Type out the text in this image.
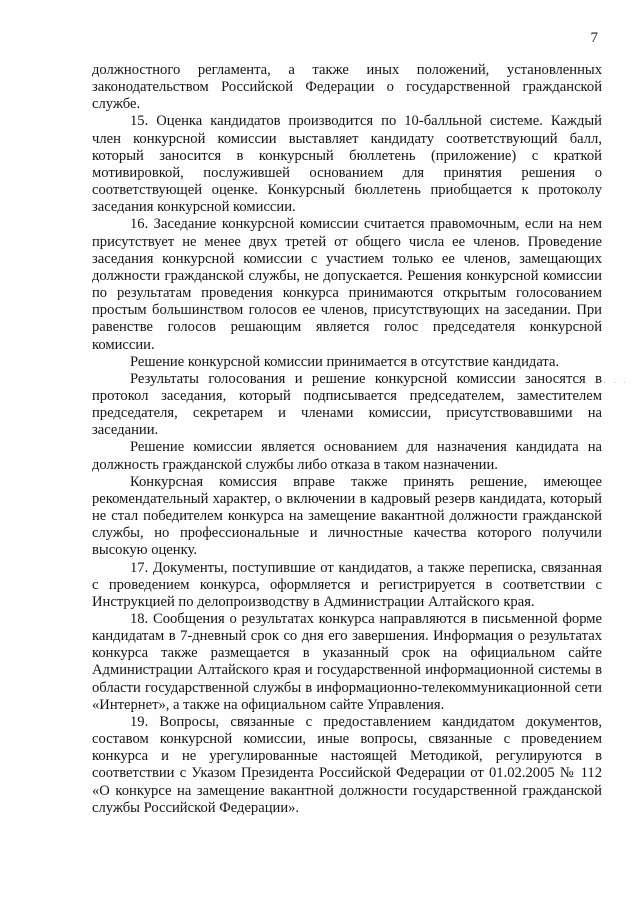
7

должностного регламента, а также иных положений, установленных законодательством Российской Федерации о государственной гражданской службе.

15. Оценка кандидатов производится по 10-балльной системе. Каждый член конкурсной комиссии выставляет кандидату соответствующий балл, который заносится в конкурсный бюллетень (приложение) с краткой мотивировкой, послужившей основанием для принятия решения о соответствующей оценке. Конкурсный бюллетень приобщается к протоколу заседания конкурсной комиссии.

16. Заседание конкурсной комиссии считается правомочным, если на нем присутствует не менее двух третей от общего числа ее членов. Проведение заседания конкурсной комиссии с участием только ее членов, замещающих должности гражданской службы, не допускается. Решения конкурсной комиссии по результатам проведения конкурса принимаются открытым голосованием простым большинством голосов ее членов, присутствующих на заседании. При равенстве голосов решающим является голос председателя конкурсной комиссии.

Решение конкурсной комиссии принимается в отсутствие кандидата.

Результаты голосования и решение конкурсной комиссии заносятся в протокол заседания, который подписывается председателем, заместителем председателя, секретарем и членами комиссии, присутствовавшими на заседании.

Решение комиссии является основанием для назначения кандидата на должность гражданской службы либо отказа в таком назначении.

Конкурсная комиссия вправе также принять решение, имеющее рекомендательный характер, о включении в кадровый резерв кандидата, который не стал победителем конкурса на замещение вакантной должности гражданской службы, но профессиональные и личностные качества которого получили высокую оценку.

17. Документы, поступившие от кандидатов, а также переписка, связанная с проведением конкурса, оформляется и регистрируется в соответствии с Инструкцией по делопроизводству в Администрации Алтайского края.

18. Сообщения о результатах конкурса направляются в письменной форме кандидатам в 7-дневный срок со дня его завершения. Информация о результатах конкурса также размещается в указанный срок на официальном сайте Администрации Алтайского края и государственной информационной системы в области государственной службы в информационно-телекоммуникационной сети «Интернет», а также на официальном сайте Управления.

19. Вопросы, связанные с предоставлением кандидатом документов, составом конкурсной комиссии, иные вопросы, связанные с проведением конкурса и не урегулированные настоящей Методикой, регулируются в соответствии с Указом Президента Российской Федерации от 01.02.2005 № 112 «О конкурсе на замещение вакантной должности государственной гражданской службы Российской Федерации».

· · · ·
